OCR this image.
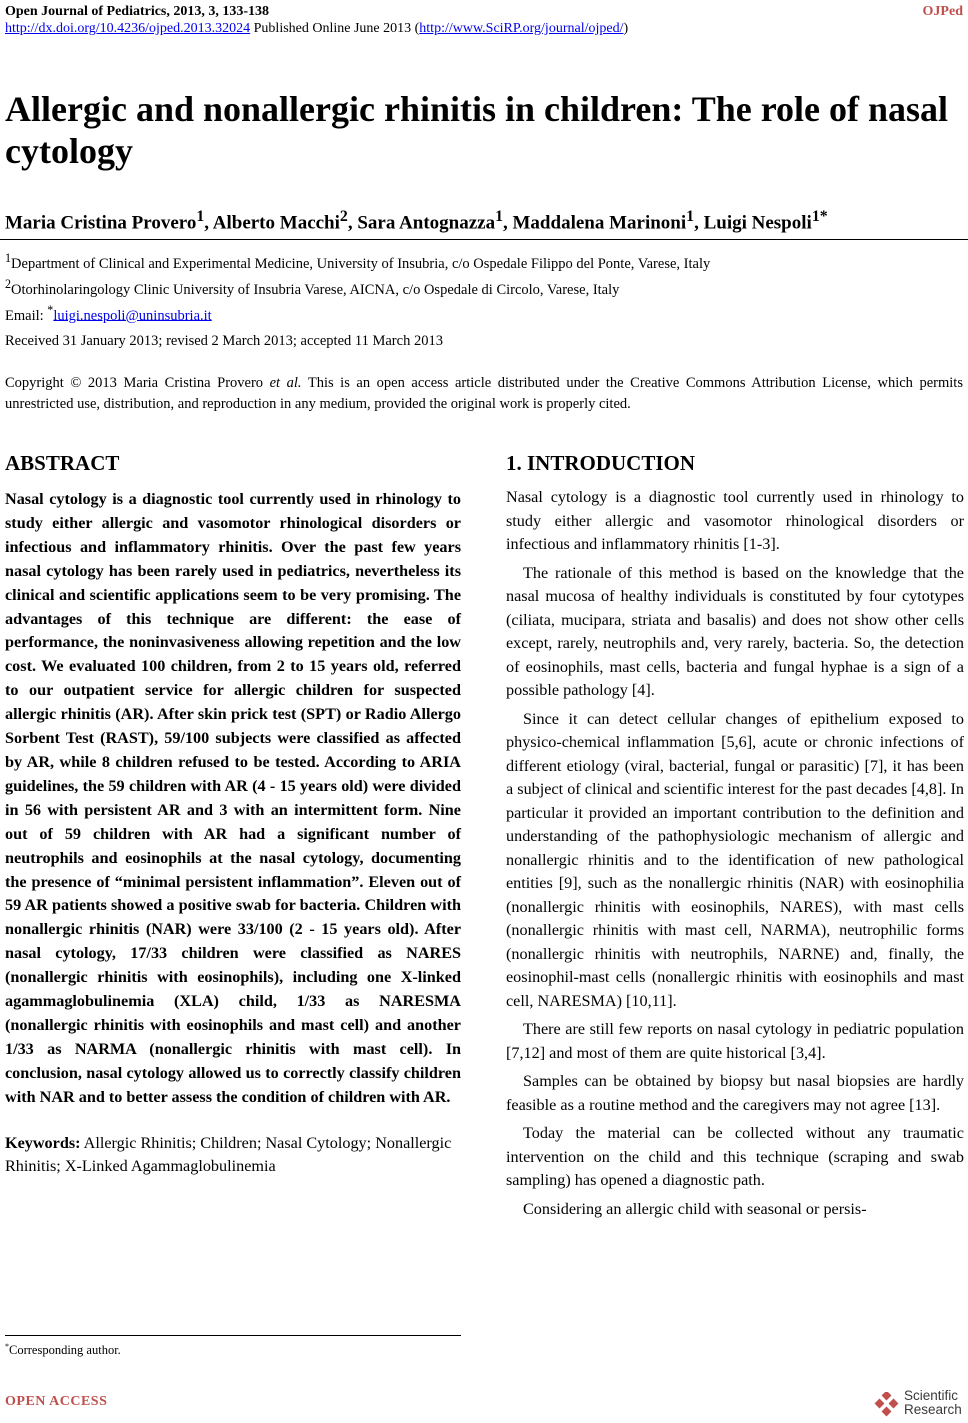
Open Journal of Pediatrics, 2013, 3, 133-138	OJPed
http://dx.doi.org/10.4236/ojped.2013.32024 Published Online June 2013 (http://www.SciRP.org/journal/ojped/)
Allergic and nonallergic rhinitis in children: The role of nasal cytology
Maria Cristina Provero$^1$, Alberto Macchi$^2$, Sara Antognazza$^1$, Maddalena Marinoni$^1$, Luigi Nespoli$^{1*}$
$^1$Department of Clinical and Experimental Medicine, University of Insubria, c/o Ospedale Filippo del Ponte, Varese, Italy
$^2$Otorhinolaringology Clinic University of Insubria Varese, AICNA, c/o Ospedale di Circolo, Varese, Italy
Email: *luigi.nespoli@uninsubria.it
Received 31 January 2013; revised 2 March 2013; accepted 11 March 2013
Copyright © 2013 Maria Cristina Provero et al. This is an open access article distributed under the Creative Commons Attribution License, which permits unrestricted use, distribution, and reproduction in any medium, provided the original work is properly cited.
ABSTRACT

Nasal cytology is a diagnostic tool currently used in rhinology to study either allergic and vasomotor rhinological disorders or infectious and inflammatory rhinitis. Over the past few years nasal cytology has been rarely used in pediatrics, nevertheless its clinical and scientific applications seem to be very promising. The advantages of this technique are different: the ease of performance, the noninvasiveness allowing repetition and the low cost. We evaluated 100 children, from 2 to 15 years old, referred to our outpatient service for allergic children for suspected allergic rhinitis (AR). After skin prick test (SPT) or Radio Allergo Sorbent Test (RAST), 59/100 subjects were classified as affected by AR, while 8 children refused to be tested. According to ARIA guidelines, the 59 children with AR (4 - 15 years old) were divided in 56 with persistent AR and 3 with an intermittent form. Nine out of 59 children with AR had a significant number of neutrophils and eosinophils at the nasal cytology, documenting the presence of “minimal persistent inflammation”. Eleven out of 59 AR patients showed a positive swab for bacteria. Children with nonallergic rhinitis (NAR) were 33/100 (2 - 15 years old). After nasal cytology, 17/33 children were classified as NARES (nonallergic rhinitis with eosinophils), including one X-linked agammaglobulinemia (XLA) child, 1/33 as NARESMA (nonallergic rhinitis with eosinophils and mast cell) and another 1/33 as NARMA (nonallergic rhinitis with mast cell). In conclusion, nasal cytology allowed us to correctly classify children with NAR and to better assess the condition of children with AR.

Keywords: Allergic Rhinitis; Children; Nasal Cytology; Nonallergic Rhinitis; X-Linked Agammaglobulinemia

*Corresponding author.
1. INTRODUCTION

Nasal cytology is a diagnostic tool currently used in rhinology to study either allergic and vasomotor rhinological disorders or infectious and inflammatory rhinitis [1-3].

The rationale of this method is based on the knowledge that the nasal mucosa of healthy individuals is constituted by four cytotypes (ciliata, mucipara, striata and basalis) and does not show other cells except, rarely, neutrophils and, very rarely, bacteria. So, the detection of eosinophils, mast cells, bacteria and fungal hyphae is a sign of a possible pathology [4].

Since it can detect cellular changes of epithelium exposed to physico-chemical inflammation [5,6], acute or chronic infections of different etiology (viral, bacterial, fungal or parasitic) [7], it has been a subject of clinical and scientific interest for the past decades [4,8]. In particular it provided an important contribution to the definition and understanding of the pathophysiologic mechanism of allergic and nonallergic rhinitis and to the identification of new pathological entities [9], such as the nonallergic rhinitis (NAR) with eosinophilia (nonallergic rhinitis with eosinophils, NARES), with mast cells (nonallergic rhinitis with mast cell, NARMA), neutrophilic forms (nonallergic rhinitis with neutrophils, NARNE) and, finally, the eosinophil-mast cells (nonallergic rhinitis with eosinophils and mast cell, NARESMA) [10,11].

There are still few reports on nasal cytology in pediatric population [7,12] and most of them are quite historical [3,4].

Samples can be obtained by biopsy but nasal biopsies are hardly feasible as a routine method and the caregivers may not agree [13].

Today the material can be collected without any traumatic intervention on the child and this technique (scraping and swab sampling) has opened a diagnostic path.

Considering an allergic child with seasonal or persis-

OPEN ACCESS	Scientific
Research
